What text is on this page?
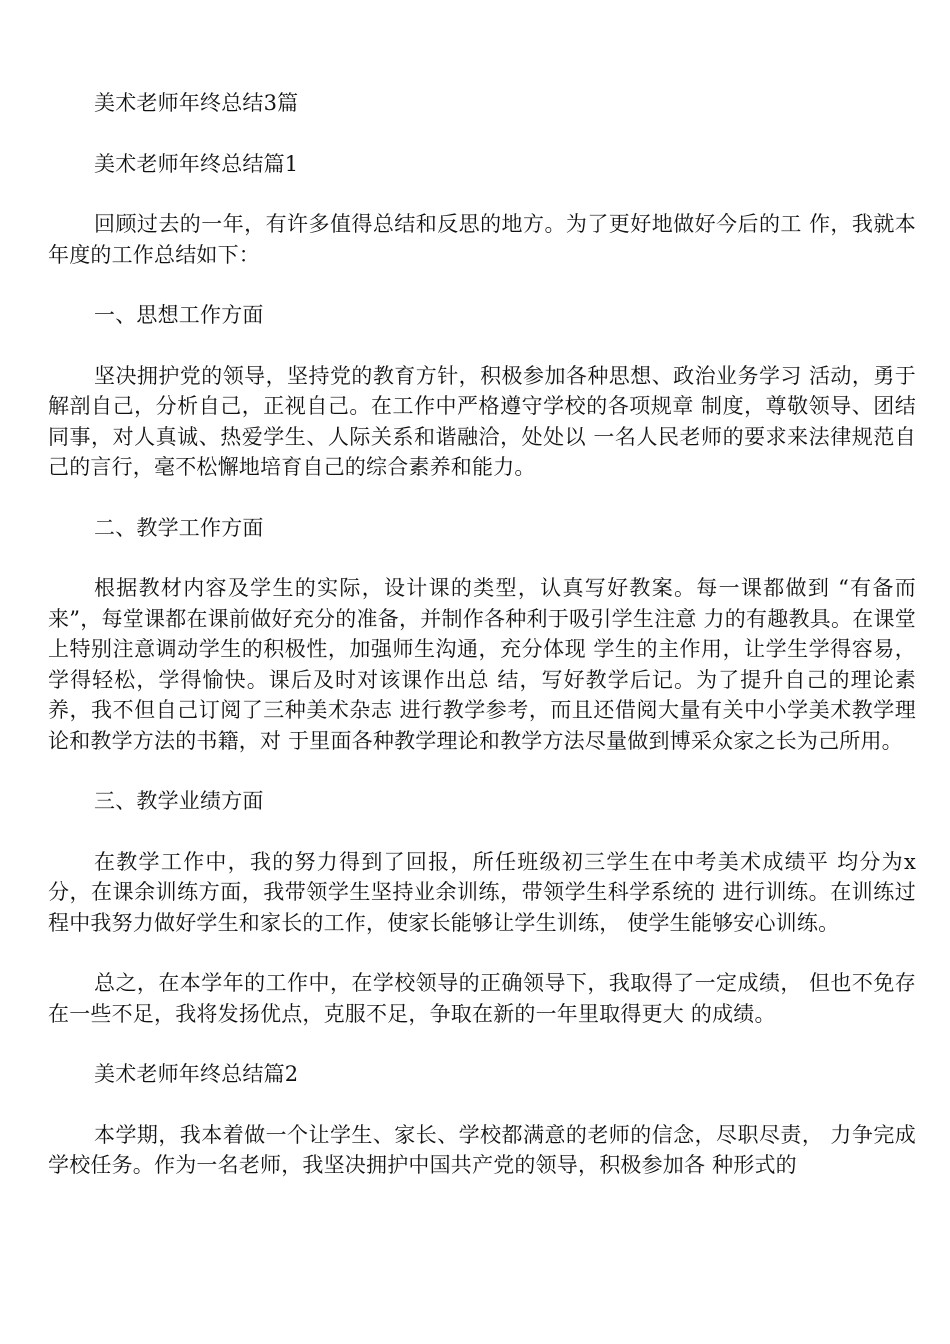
美术老师年终总结3篇

美术老师年终总结篇1

回顾过去的一年，有许多值得总结和反思的地方。为了更好地做好今后的工 作，我就本年度的工作总结如下：

一、思想工作方面

坚决拥护党的领导，坚持党的教育方针，积极参加各种思想、政治业务学习 活动，勇于解剖自己，分析自己，正视自己。在工作中严格遵守学校的各项规章 制度，尊敬领导、团结同事，对人真诚、热爱学生、人际关系和谐融洽，处处以 一名人民老师的要求来法律规范自己的言行，毫不松懈地培育自己的综合素养和能力。

二、教学工作方面

根据教材内容及学生的实际，设计课的类型，认真写好教案。每一课都做到 “有备而来”，每堂课都在课前做好充分的准备，并制作各种利于吸引学生注意 力的有趣教具。在课堂上特别注意调动学生的积极性，加强师生沟通，充分体现 学生的主作用，让学生学得容易，学得轻松，学得愉快。课后及时对该课作出总 结，写好教学后记。为了提升自己的理论素养，我不但自己订阅了三种美术杂志 进行教学参考，而且还借阅大量有关中小学美术教学理论和教学方法的书籍，对 于里面各种教学理论和教学方法尽量做到博采众家之长为己所用。

三、教学业绩方面

在教学工作中，我的努力得到了回报，所任班级初三学生在中考美术成绩平 均分为x分，在课余训练方面，我带领学生坚持业余训练，带领学生科学系统的 进行训练。在训练过程中我努力做好学生和家长的工作，使家长能够让学生训练， 使学生能够安心训练。

总之，在本学年的工作中，在学校领导的正确领导下，我取得了一定成绩， 但也不免存在一些不足，我将发扬优点，克服不足，争取在新的一年里取得更大 的成绩。

美术老师年终总结篇2

本学期，我本着做一个让学生、家长、学校都满意的老师的信念，尽职尽责， 力争完成学校任务。作为一名老师，我坚决拥护中国共产党的领导，积极参加各 种形式的
